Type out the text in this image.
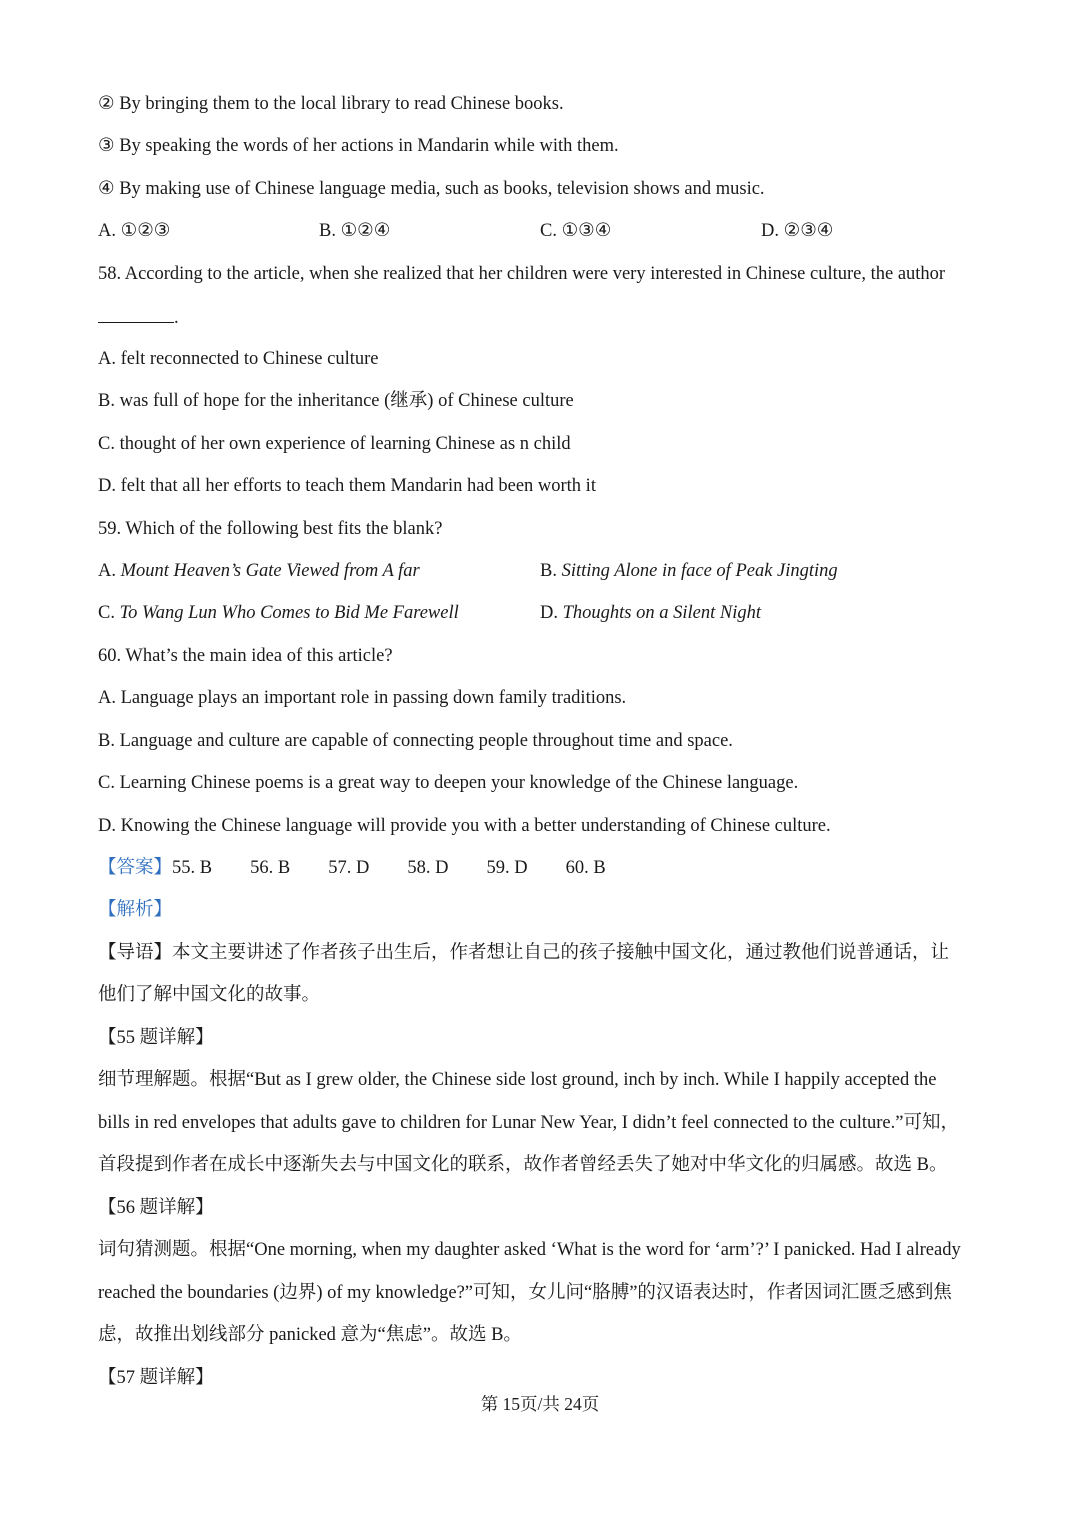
② By bringing them to the local library to read Chinese books.
③ By speaking the words of her actions in Mandarin while with them.
④ By making use of Chinese language media, such as books, television shows and music.
A. ①②③	B. ①②④	C. ①③④	D. ②③④
58. According to the article, when she realized that her children were very interested in Chinese culture, the author
.
A. felt reconnected to Chinese culture
B. was full of hope for the inheritance (继承) of Chinese culture
C. thought of her own experience of learning Chinese as n child
D. felt that all her efforts to teach them Mandarin had been worth it
59. Which of the following best fits the blank?
A. Mount Heaven’s Gate Viewed from A far	B. Sitting Alone in face of Peak Jingting
C. To Wang Lun Who Comes to Bid Me Farewell	D. Thoughts on a Silent Night
60. What’s the main idea of this article?
A. Language plays an important role in passing down family traditions.
B. Language and culture are capable of connecting people throughout time and space.
C. Learning Chinese poems is a great way to deepen your knowledge of the Chinese language.
D. Knowing the Chinese language will provide you with a better understanding of Chinese culture.
【答案】55. B 56. B 57. D 58. D 59. D 60. B
【解析】
【导语】本文主要讲述了作者孩子出生后，作者想让自己的孩子接触中国文化，通过教他们说普通话，让
他们了解中国文化的故事。
【55 题详解】
细节理解题。根据“But as I grew older, the Chinese side lost ground, inch by inch. While I happily accepted the
bills in red envelopes that adults gave to children for Lunar New Year, I didn’t feel connected to the culture.”可知，
首段提到作者在成长中逐渐失去与中国文化的联系，故作者曾经丢失了她对中华文化的归属感。故选 B。
【56 题详解】
词句猜测题。根据“One morning, when my daughter asked ‘What is the word for ‘arm’?’ I panicked. Had I already
reached the boundaries (边界) of my knowledge?”可知，女儿问“胳膊”的汉语表达时，作者因词汇匮乏感到焦
虑，故推出划线部分 panicked 意为“焦虑”。故选 B。
【57 题详解】
第 15页/共 24页
